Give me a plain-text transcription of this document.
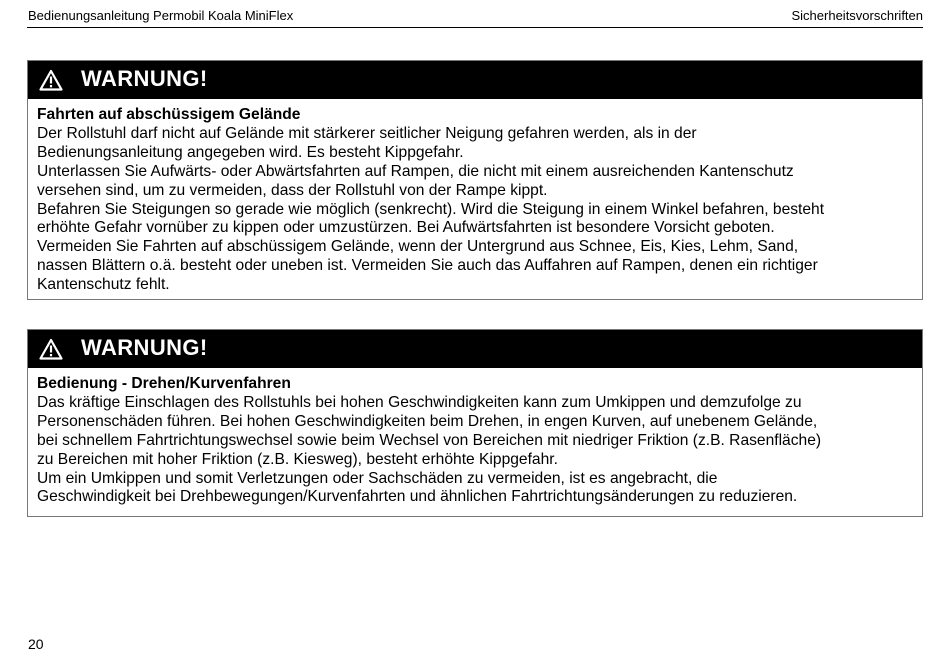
Bedienungsanleitung Permobil Koala MiniFlex	Sicherheitsvorschriften
WARNUNG!
Fahrten auf abschüssigem Gelände
Der Rollstuhl darf nicht auf Gelände mit stärkerer seitlicher Neigung gefahren werden, als in der
Bedienungsanleitung angegeben wird. Es besteht Kippgefahr.
Unterlassen Sie Aufwärts- oder Abwärtsfahrten auf Rampen, die nicht mit einem ausreichenden Kantenschutz
versehen sind, um zu vermeiden, dass der Rollstuhl von der Rampe kippt.
Befahren Sie Steigungen so gerade wie möglich (senkrecht). Wird die Steigung in einem Winkel befahren, besteht
erhöhte Gefahr vornüber zu kippen oder umzustürzen. Bei Aufwärtsfahrten ist besondere Vorsicht geboten.
Vermeiden Sie Fahrten auf abschüssigem Gelände, wenn der Untergrund aus Schnee, Eis, Kies, Lehm, Sand,
nassen Blättern o.ä. besteht oder uneben ist. Vermeiden Sie auch das Auffahren auf Rampen, denen ein richtiger
Kantenschutz fehlt.
WARNUNG!
Bedienung - Drehen/Kurvenfahren
Das kräftige Einschlagen des Rollstuhls bei hohen Geschwindigkeiten kann zum Umkippen und demzufolge zu
Personenschäden führen. Bei hohen Geschwindigkeiten beim Drehen, in engen Kurven, auf unebenem Gelände,
bei schnellem Fahrtrichtungswechsel sowie beim Wechsel von Bereichen mit niedriger Friktion (z.B. Rasenfläche)
zu Bereichen mit hoher Friktion (z.B. Kiesweg), besteht erhöhte Kippgefahr.
Um ein Umkippen und somit Verletzungen oder Sachschäden zu vermeiden, ist es angebracht, die
Geschwindigkeit bei Drehbewegungen/Kurvenfahrten und ähnlichen Fahrtrichtungsänderungen zu reduzieren.
20
